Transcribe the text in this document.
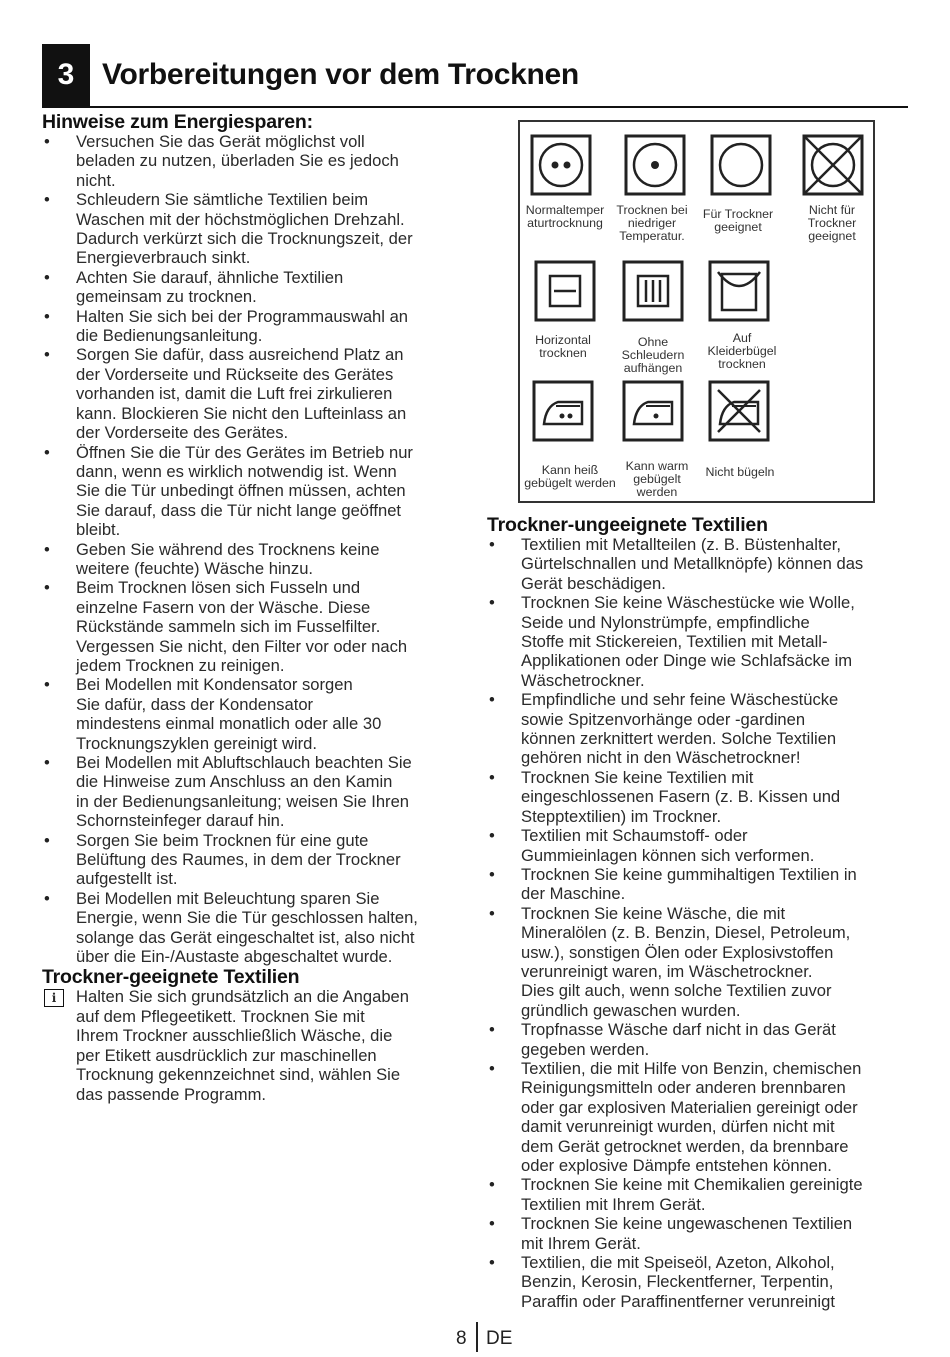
3 Vorbereitungen vor dem Trocknen
Hinweise zum Energiesparen:
• Versuchen Sie das Gerät möglichst voll
beladen zu nutzen, überladen Sie es jedoch
nicht.
• Schleudern Sie sämtliche Textilien beim
Waschen mit der höchstmöglichen Drehzahl.
Dadurch verkürzt sich die Trocknungszeit, der
Energieverbrauch sinkt.
• Achten Sie darauf, ähnliche Textilien
gemeinsam zu trocknen.
• Halten Sie sich bei der Programmauswahl an
die Bedienungsanleitung.
• Sorgen Sie dafür, dass ausreichend Platz an
der Vorderseite und Rückseite des Gerätes
vorhanden ist, damit die Luft frei zirkulieren
kann. Blockieren Sie nicht den Lufteinlass an
der Vorderseite des Gerätes.
• Öffnen Sie die Tür des Gerätes im Betrieb nur
dann, wenn es wirklich notwendig ist. Wenn
Sie die Tür unbedingt öffnen müssen, achten
Sie darauf, dass die Tür nicht lange geöffnet
bleibt.
• Geben Sie während des Trocknens keine
weitere (feuchte) Wäsche hinzu.
• Beim Trocknen lösen sich Fusseln und
einzelne Fasern von der Wäsche. Diese
Rückstände sammeln sich im Fusselfilter.
Vergessen Sie nicht, den Filter vor oder nach
jedem Trocknen zu reinigen.
• Bei Modellen mit Kondensator sorgen
Sie dafür, dass der Kondensator
mindestens einmal monatlich oder alle 30
Trocknungszyklen gereinigt wird.
• Bei Modellen mit Abluftschlauch beachten Sie
die Hinweise zum Anschluss an den Kamin
in der Bedienungsanleitung; weisen Sie Ihren
Schornsteinfeger darauf hin.
• Sorgen Sie beim Trocknen für eine gute
Belüftung des Raumes, in dem der Trockner
aufgestellt ist.
• Bei Modellen mit Beleuchtung sparen Sie
Energie, wenn Sie die Tür geschlossen halten,
solange das Gerät eingeschaltet ist, also nicht
über die Ein-/Austaste abgeschaltet wurde.
Trockner-geeignete Textilien
i	Halten Sie sich grundsätzlich an die Angaben
auf dem Pflegeetikett. Trocknen Sie mit
Ihrem Trockner ausschließlich Wäsche, die
per Etikett ausdrücklich zur maschinellen
Trocknung gekennzeichnet sind, wählen Sie
das passende Programm.
Normaltemper
aturtrocknung
Trocknen bei
niedriger
Temperatur.
Für Trockner
geeignet
Nicht für
Trockner
geeignet
Horizontal
trocknen
Ohne
Schleudern
aufhängen
Auf
Kleiderbügel
trocknen
Kann heiß
gebügelt werden
Kann warm
gebügelt
werden
Nicht bügeln
Trockner-ungeeignete Textilien
• Textilien mit Metallteilen (z. B. Büstenhalter,
Gürtelschnallen und Metallknöpfe) können das
Gerät beschädigen.
• Trocknen Sie keine Wäschestücke wie Wolle,
Seide und Nylonstrümpfe, empfindliche
Stoffe mit Stickereien, Textilien mit Metall-
Applikationen oder Dinge wie Schlafsäcke im
Wäschetrockner.
• Empfindliche und sehr feine Wäschestücke
sowie Spitzenvorhänge oder -gardinen
können zerknittert werden. Solche Textilien
gehören nicht in den Wäschetrockner!
• Trocknen Sie keine Textilien mit
eingeschlossenen Fasern (z. B. Kissen und
Stepptextilien) im Trockner.
• Textilien mit Schaumstoff- oder
Gummieinlagen können sich verformen.
• Trocknen Sie keine gummihaltigen Textilien in
der Maschine.
• Trocknen Sie keine Wäsche, die mit
Mineralölen (z. B. Benzin, Diesel, Petroleum,
usw.), sonstigen Ölen oder Explosivstoffen
verunreinigt waren, im Wäschetrockner.
Dies gilt auch, wenn solche Textilien zuvor
gründlich gewaschen wurden.
• Tropfnasse Wäsche darf nicht in das Gerät
gegeben werden.
• Textilien, die mit Hilfe von Benzin, chemischen
Reinigungsmitteln oder anderen brennbaren
oder gar explosiven Materialien gereinigt oder
damit verunreinigt wurden, dürfen nicht mit
dem Gerät getrocknet werden, da brennbare
oder explosive Dämpfe entstehen können.
• Trocknen Sie keine mit Chemikalien gereinigte
Textilien mit Ihrem Gerät.
• Trocknen Sie keine ungewaschenen Textilien
mit Ihrem Gerät.
• Textilien, die mit Speiseöl, Azeton, Alkohol,
Benzin, Kerosin, Fleckentferner, Terpentin,
Paraffin oder Paraffinentferner verunreinigt
8 DE
